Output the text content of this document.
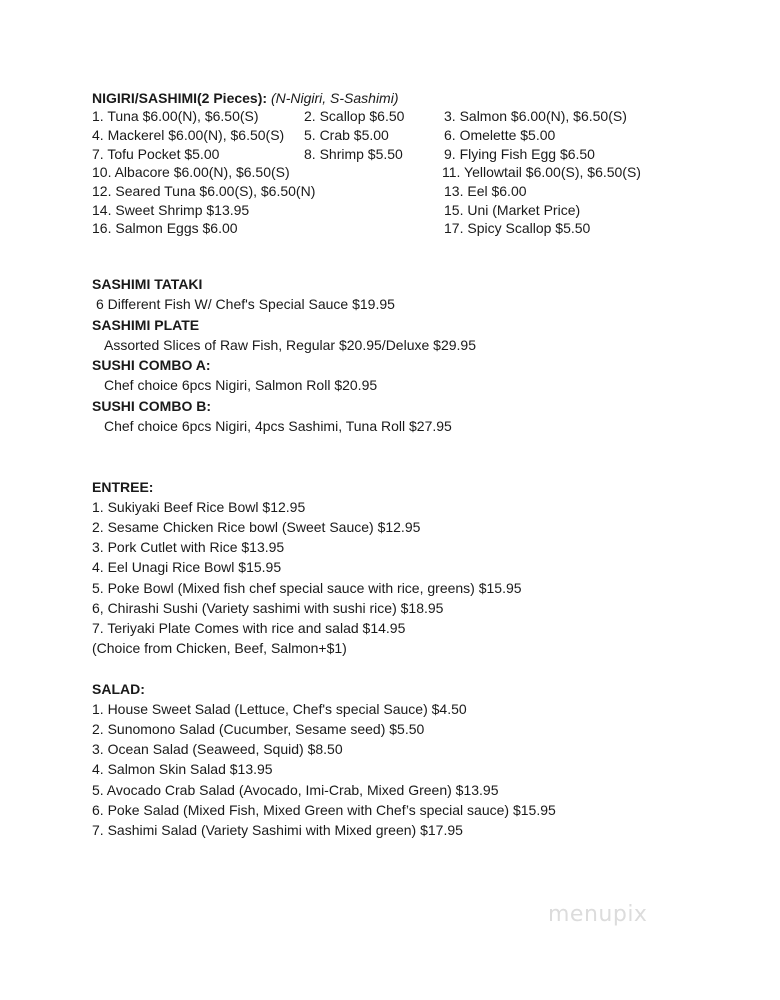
NIGIRI/SASHIMI(2 Pieces): (N-Nigiri, S-Sashimi)
1. Tuna $6.00(N), $6.50(S)	2. Scallop $6.50	3. Salmon $6.00(N), $6.50(S)
4. Mackerel $6.00(N), $6.50(S) 5. Crab $5.00	6. Omelette $5.00
7. Tofu Pocket $5.00	8. Shrimp $5.50	9. Flying Fish Egg $6.50
10. Albacore $6.00(N), $6.50(S)	11. Yellowtail $6.00(S), $6.50(S)
12. Seared Tuna $6.00(S), $6.50(N)	13. Eel $6.00
14. Sweet Shrimp $13.95	15. Uni (Market Price)
16. Salmon Eggs $6.00	17. Spicy Scallop $5.50
SASHIMI TATAKI
6 Different Fish W/ Chef's Special Sauce $19.95
SASHIMI PLATE
Assorted Slices of Raw Fish, Regular $20.95/Deluxe $29.95
SUSHI COMBO A:
Chef choice 6pcs Nigiri, Salmon Roll $20.95
SUSHI COMBO B:
Chef choice 6pcs Nigiri, 4pcs Sashimi, Tuna Roll $27.95
ENTREE:
1. Sukiyaki Beef Rice Bowl $12.95
2. Sesame Chicken Rice bowl (Sweet Sauce) $12.95
3. Pork Cutlet with Rice $13.95
4. Eel Unagi Rice Bowl $15.95
5. Poke Bowl (Mixed fish chef special sauce with rice, greens) $15.95
6, Chirashi Sushi (Variety sashimi with sushi rice) $18.95
7. Teriyaki Plate Comes with rice and salad $14.95
(Choice from Chicken, Beef, Salmon+$1)
SALAD:
1. House Sweet Salad (Lettuce, Chef's special Sauce) $4.50
2. Sunomono Salad (Cucumber, Sesame seed) $5.50
3. Ocean Salad (Seaweed, Squid) $8.50
4. Salmon Skin Salad $13.95
5. Avocado Crab Salad (Avocado, Imi-Crab, Mixed Green) $13.95
6. Poke Salad (Mixed Fish, Mixed Green with Chef’s special sauce) $15.95
7. Sashimi Salad (Variety Sashimi with Mixed green) $17.95
menupix
